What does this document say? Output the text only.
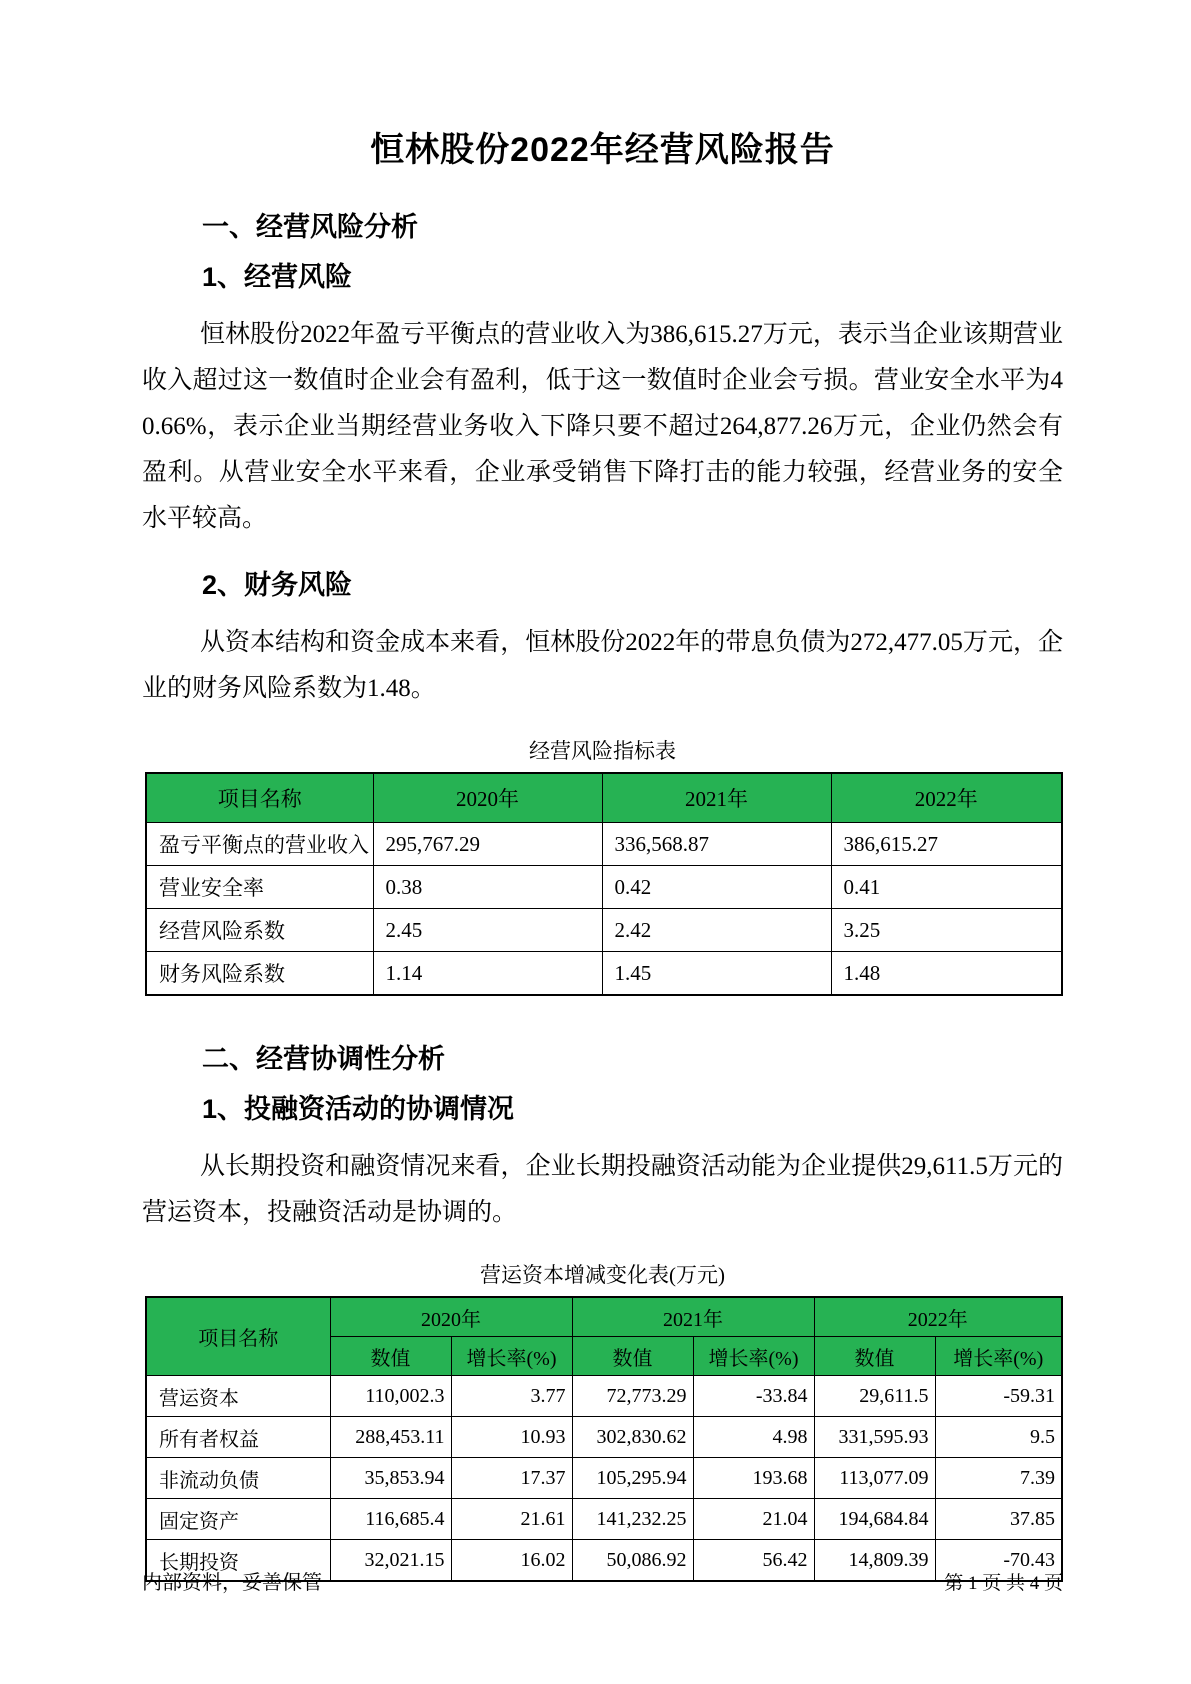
恒林股份2022年经营风险报告
一、经营风险分析
1、经营风险

恒林股份2022年盈亏平衡点的营业收入为386,615.27万元，表示当企业该期营业收入超过这一数值时企业会有盈利，低于这一数值时企业会亏损。营业安全水平为40.66%，表示企业当期经营业务收入下降只要不超过264,877.26万元，企业仍然会有盈利。从营业安全水平来看，企业承受销售下降打击的能力较强，经营业务的安全水平较高。

2、财务风险

从资本结构和资金成本来看，恒林股份2022年的带息负债为272,477.05万元，企业的财务风险系数为1.48。

经营风险指标表

项目名称	2020年	2021年	2022年
盈亏平衡点的营业收入	295,767.29	336,568.87	386,615.27
营业安全率	0.38	0.42	0.41
经营风险系数	2.45	2.42	3.25
财务风险系数	1.14	1.45	1.48
二、经营协调性分析
1、投融资活动的协调情况

从长期投资和融资情况来看，企业长期投融资活动能为企业提供29,611.5万元的营运资本，投融资活动是协调的。

营运资本增减变化表(万元)

项目名称	2020年		2021年		2022年	
	数值	增长率(%)	数值	增长率(%)	数值	增长率(%)
营运资本	110,002.3	3.77	72,773.29	-33.84	29,611.5	-59.31
所有者权益	288,453.11	10.93	302,830.62	4.98	331,595.93	9.5
非流动负债	35,853.94	17.37	105,295.94	193.68	113,077.09	7.39
固定资产	116,685.4	21.61	141,232.25	21.04	194,684.84	37.85
长期投资	32,021.15	16.02	50,086.92	56.42	14,809.39	-70.43
内部资料，妥善保管	第 1 页 共 4 页
